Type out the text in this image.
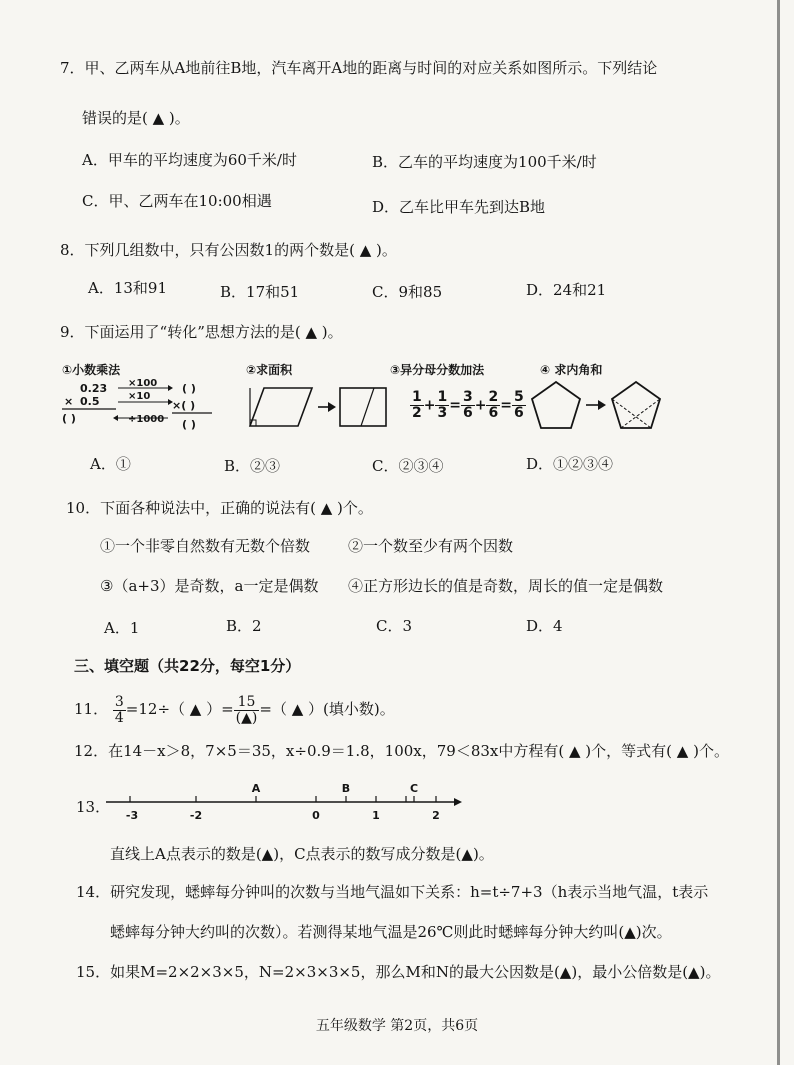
7．甲、乙两车从A地前往B地，汽车离开A地的距离与时间的对应关系如图所示。下列结论
错误的是( ▲ )。
A．甲车的平均速度为60千米/时	B．乙车的平均速度为100千米/时
C．甲、乙两车在10:00相遇	D．乙车比甲车先到达B地
8．下列几组数中，只有公因数1的两个数是( ▲ )。
A．13和91	B．17和51	C．9和85	D．24和21
9．下面运用了“转化”思想方法的是( ▲ )。
①小数乘法
0.23
× 0.5
( )
×100
×10
÷1000
( )
×( )
( )
②求面积	③异分母分数加法
$\frac{1}{2} + \frac{1}{3} = \frac{3}{6} + \frac{2}{6} = \frac{5}{6}$
④ 求内角和
A．①	B．②③	C．②③④	D．①②③④
10．下面各种说法中，正确的说法有( ▲ )个。
①一个非零自然数有无数个倍数	②一个数至少有两个因数
③（a+3）是奇数，a一定是偶数 ④正方形边长的值是奇数，周长的值一定是偶数
A．1	B．2	C．3	D．4
三、填空题（共22分，每空1分）
11． $\frac{3}{4} =12\div$（ ▲ ）= $\frac{15}{(▲)}$ =（ ▲ ）(填小数)。
12．在14－x＞8，7×5＝35，x÷0.9＝1.8，100x，79＜83x中方程有( ▲ )个，等式有( ▲ )个。
13． -3	-2	0	1	2
A	B	C
直线上A点表示的数是(▲)，C点表示的数写成分数是(▲)。
14．研究发现，蟋蟀每分钟叫的次数与当地气温如下关系：h=t÷7+3（h表示当地气温，t表示
蟋蟀每分钟大约叫的次数）。若测得某地气温是26℃则此时蟋蟀每分钟大约叫(▲)次。
15．如果M=2×2×3×5，N=2×3×3×5，那么M和N的最大公因数是(▲)，最小公倍数是(▲)。
五年级数学 第2页，共6页
